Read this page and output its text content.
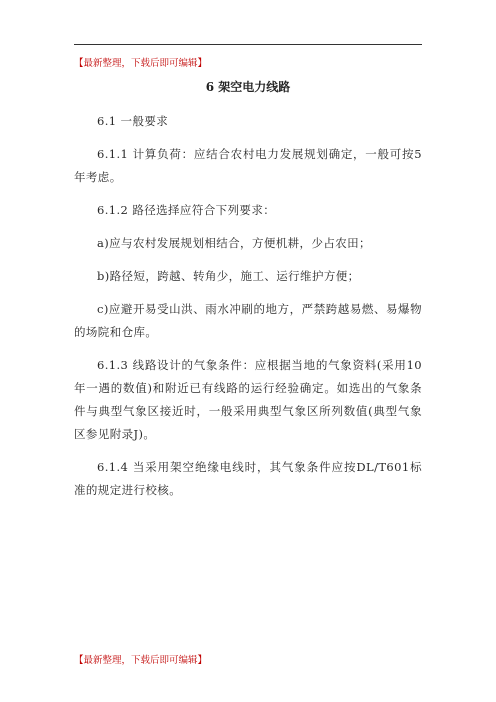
【最新整理，下载后即可编辑】
6 架空电力线路

6.1 一般要求

6.1.1 计算负荷：应结合农村电力发展规划确定，一般可按5年考虑。

6.1.2 路径选择应符合下列要求：

a)应与农村发展规划相结合，方便机耕，少占农田；

b)路径短，跨越、转角少，施工、运行维护方便；

c)应避开易受山洪、雨水冲刷的地方，严禁跨越易燃、易爆物的场院和仓库。

6.1.3 线路设计的气象条件：应根据当地的气象资料(采用10年一遇的数值)和附近已有线路的运行经验确定。如选出的气象条件与典型气象区接近时，一般采用典型气象区所列数值(典型气象区参见附录J)。

6.1.4 当采用架空绝缘电线时，其气象条件应按DL/T601标准的规定进行校核。

【最新整理，下载后即可编辑】
